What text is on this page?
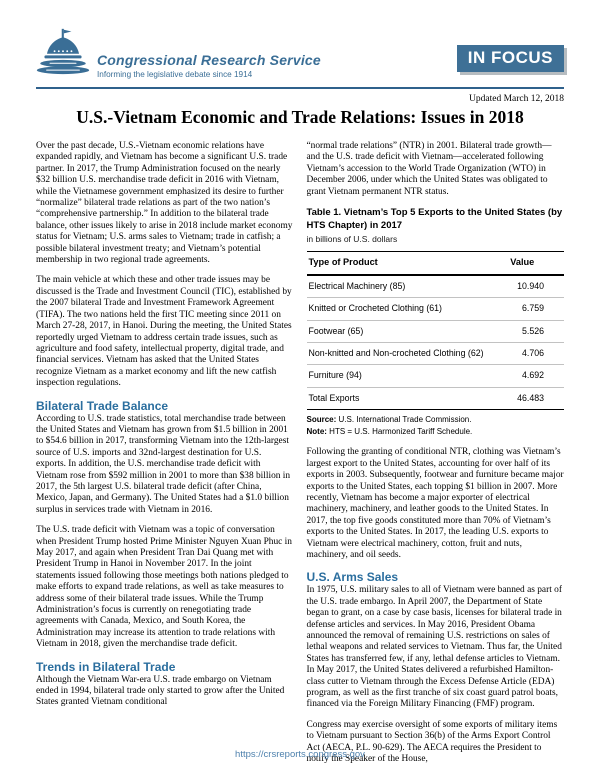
Congressional Research Service
Informing the legislative debate since 1914
IN FOCUS
Updated March 12, 2018
U.S.-Vietnam Economic and Trade Relations: Issues in 2018

Over the past decade, U.S.-Vietnam economic relations have expanded rapidly, and Vietnam has become a significant U.S. trade partner. In 2017, the Trump Administration focused on the nearly $32 billion U.S. merchandise trade deficit in 2016 with Vietnam, while the Vietnamese government emphasized its desire to further “normalize” bilateral trade relations as part of the two nation’s “comprehensive partnership.” In addition to the bilateral trade balance, other issues likely to arise in 2018 include market economy status for Vietnam; U.S. arms sales to Vietnam; trade in catfish; a possible bilateral investment treaty; and Vietnam’s potential membership in two regional trade agreements.

The main vehicle at which these and other trade issues may be discussed is the Trade and Investment Council (TIC), established by the 2007 bilateral Trade and Investment Framework Agreement (TIFA). The two nations held the first TIC meeting since 2011 on March 27-28, 2017, in Hanoi. During the meeting, the United States reportedly urged Vietnam to address certain trade issues, such as agriculture and food safety, intellectual property, digital trade, and financial services. Vietnam has asked that the United States recognize Vietnam as a market economy and lift the new catfish inspection regulations.

Bilateral Trade Balance

According to U.S. trade statistics, total merchandise trade between the United States and Vietnam has grown from $1.5 billion in 2001 to $54.6 billion in 2017, transforming Vietnam into the 12th-largest source of U.S. imports and 32nd-largest destination for U.S. exports. In addition, the U.S. merchandise trade deficit with Vietnam rose from $592 million in 2001 to more than $38 billion in 2017, the 5th largest U.S. bilateral trade deficit (after China, Mexico, Japan, and Germany). The United States had a $1.0 billion surplus in services trade with Vietnam in 2016.

The U.S. trade deficit with Vietnam was a topic of conversation when President Trump hosted Prime Minister Nguyen Xuan Phuc in May 2017, and again when President Tran Dai Quang met with President Trump in Hanoi in November 2017. In the joint statements issued following those meetings both nations pledged to make efforts to expand trade relations, as well as take measures to address some of their bilateral trade issues. While the Trump Administration’s focus is currently on renegotiating trade agreements with Canada, Mexico, and South Korea, the Administration may increase its attention to trade relations with Vietnam in 2018, given the merchandise trade deficit.

Trends in Bilateral Trade

Although the Vietnam War-era U.S. trade embargo on Vietnam ended in 1994, bilateral trade only started to grow after the United States granted Vietnam conditional

“normal trade relations” (NTR) in 2001. Bilateral trade growth—and the U.S. trade deficit with Vietnam—accelerated following Vietnam’s accession to the World Trade Organization (WTO) in December 2006, under which the United States was obligated to grant Vietnam permanent NTR status.

Table 1. Vietnam’s Top 5 Exports to the United States (by HTS Chapter) in 2017
in billions of U.S. dollars
Type of Product	Value
Electrical Machinery (85)	10.940
Knitted or Crocheted Clothing (61)	6.759
Footwear (65)	5.526
Non-knitted and Non-crocheted Clothing (62)	4.706
Furniture (94)	4.692
Total Exports	46.483
Source: U.S. International Trade Commission.
Note: HTS = U.S. Harmonized Tariff Schedule.

Following the granting of conditional NTR, clothing was Vietnam’s largest export to the United States, accounting for over half of its exports in 2003. Subsequently, footwear and furniture became major exports to the United States, each topping $1 billion in 2007. More recently, Vietnam has become a major exporter of electrical machinery, machinery, and leather goods to the United States. In 2017, the top five goods constituted more than 70% of Vietnam’s exports to the United States. In 2017, the leading U.S. exports to Vietnam were electrical machinery, cotton, fruit and nuts, machinery, and oil seeds.

U.S. Arms Sales

In 1975, U.S. military sales to all of Vietnam were banned as part of the U.S. trade embargo. In April 2007, the Department of State began to grant, on a case by case basis, licenses for bilateral trade in defense articles and services. In May 2016, President Obama announced the removal of remaining U.S. restrictions on sales of lethal weapons and related services to Vietnam. Thus far, the United States has transferred few, if any, lethal defense articles to Vietnam. In May 2017, the United States delivered a refurbished Hamilton-class cutter to Vietnam through the Excess Defense Article (EDA) program, as well as the first tranche of six coast guard patrol boats, financed via the Foreign Military Financing (FMF) program.

Congress may exercise oversight of some exports of military items to Vietnam pursuant to Section 36(b) of the Arms Export Control Act (AECA, P.L. 90-629). The AECA requires the President to notify the Speaker of the House,

https://crsreports.congress.gov
